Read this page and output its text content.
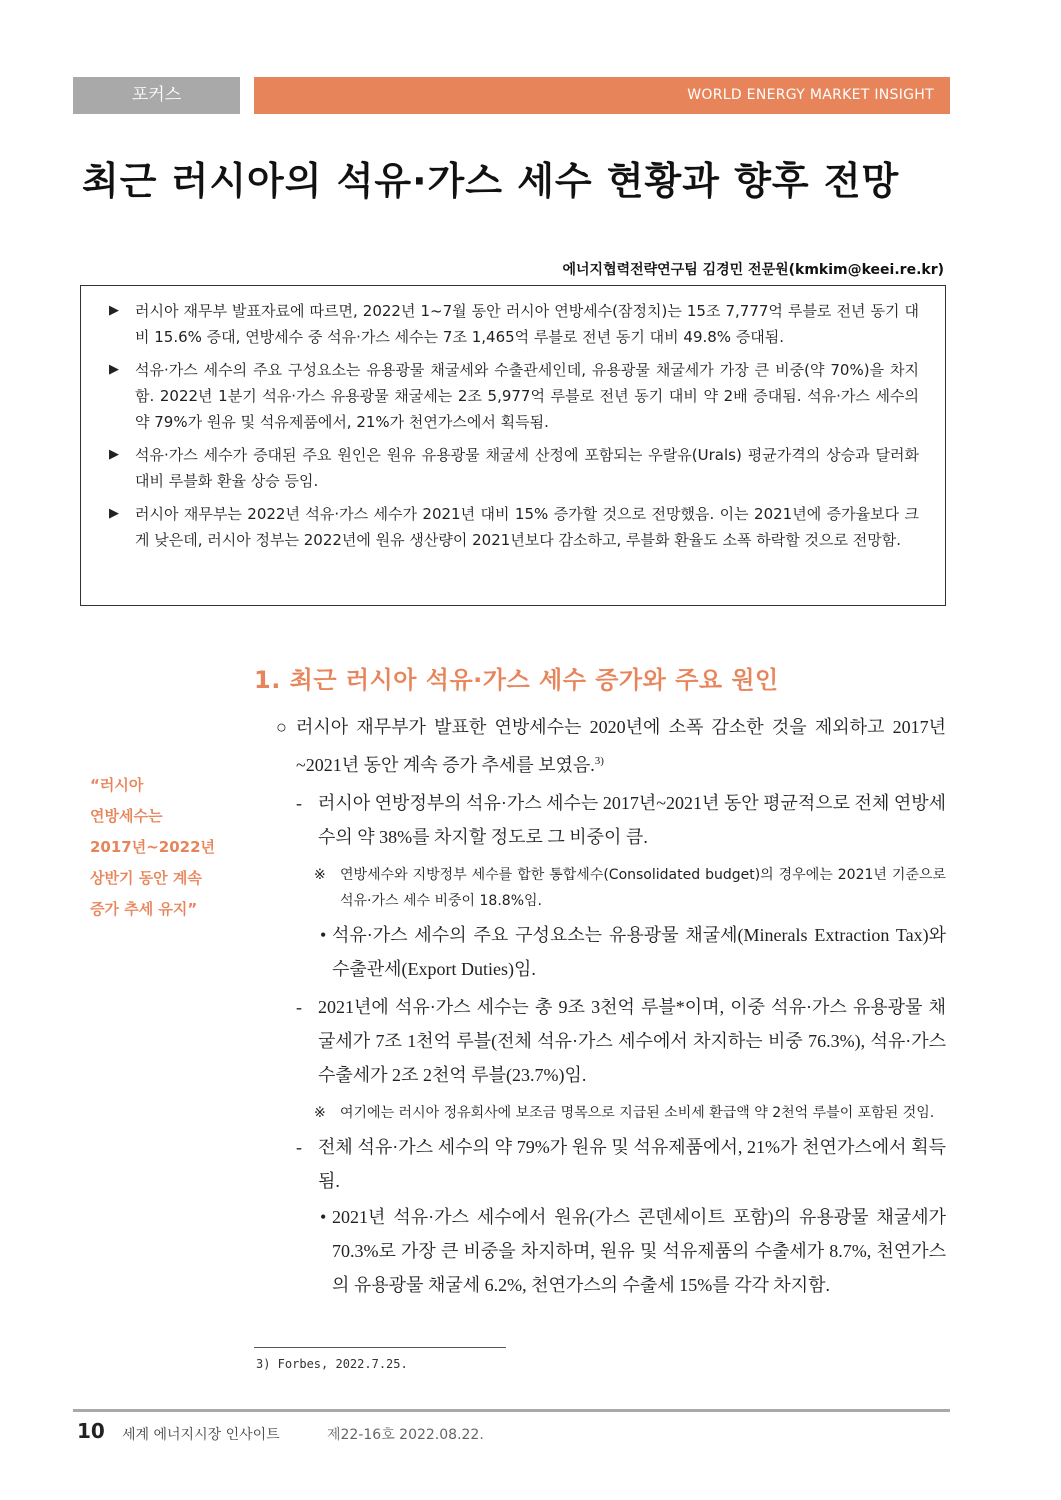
포커스	WORLD ENERGY MARKET INSIGHT
최근 러시아의 석유·가스 세수 현황과 향후 전망
에너지협력전략연구팀 김경민 전문원(kmkim@keei.re.kr)
▶ 러시아 재무부 발표자료에 따르면, 2022년 1~7월 동안 러시아 연방세수(잠정치)는 15조 7,777억 루블로 전년 동기 대비 15.6% 증대, 연방세수 중 석유·가스 세수는 7조 1,465억 루블로 전년 동기 대비 49.8% 증대됨.
▶ 석유·가스 세수의 주요 구성요소는 유용광물 채굴세와 수출관세인데, 유용광물 채굴세가 가장 큰 비중(약 70%)을 차지함. 2022년 1분기 석유·가스 유용광물 채굴세는 2조 5,977억 루블로 전년 동기 대비 약 2배 증대됨. 석유·가스 세수의 약 79%가 원유 및 석유제품에서, 21%가 천연가스에서 획득됨.
▶ 석유·가스 세수가 증대된 주요 원인은 원유 유용광물 채굴세 산정에 포함되는 우랄유(Urals) 평균가격의 상승과 달러화 대비 루블화 환율 상승 등임.
▶ 러시아 재무부는 2022년 석유·가스 세수가 2021년 대비 15% 증가할 것으로 전망했음. 이는 2021년에 증가율보다 크게 낮은데, 러시아 정부는 2022년에 원유 생산량이 2021년보다 감소하고, 루블화 환율도 소폭 하락할 것으로 전망함.
1. 최근 러시아 석유·가스 세수 증가와 주요 원인
“러시아
연방세수는
2017년~2022년
상반기 동안 계속
증가 추세 유지”
○ 러시아 재무부가 발표한 연방세수는 2020년에 소폭 감소한 것을 제외하고 2017년~2021년 동안 계속 증가 추세를 보였음.$^{3)}$
- 러시아 연방정부의 석유·가스 세수는 2017년~2021년 동안 평균적으로 전체 연방세수의 약 38%를 차지할 정도로 그 비중이 큼.
※ 연방세수와 지방정부 세수를 합한 통합세수(Consolidated budget)의 경우에는 2021년 기준으로 석유·가스 세수 비중이 18.8%임.
• 석유·가스 세수의 주요 구성요소는 유용광물 채굴세(Minerals Extraction Tax)와 수출관세(Export Duties)임.
- 2021년에 석유·가스 세수는 총 9조 3천억 루블*이며, 이중 석유·가스 유용광물 채굴세가 7조 1천억 루블(전체 석유·가스 세수에서 차지하는 비중 76.3%), 석유·가스 수출세가 2조 2천억 루블(23.7%)임.
※ 여기에는 러시아 정유회사에 보조금 명목으로 지급된 소비세 환급액 약 2천억 루블이 포함된 것임.
- 전체 석유·가스 세수의 약 79%가 원유 및 석유제품에서, 21%가 천연가스에서 획득됨.
• 2021년 석유·가스 세수에서 원유(가스 콘덴세이트 포함)의 유용광물 채굴세가 70.3%로 가장 큰 비중을 차지하며, 원유 및 석유제품의 수출세가 8.7%, 천연가스의 유용광물 채굴세 6.2%, 천연가스의 수출세 15%를 각각 차지함.
3) Forbes, 2022.7.25.
10 세계 에너지시장 인사이트	제22-16호 2022.08.22.
